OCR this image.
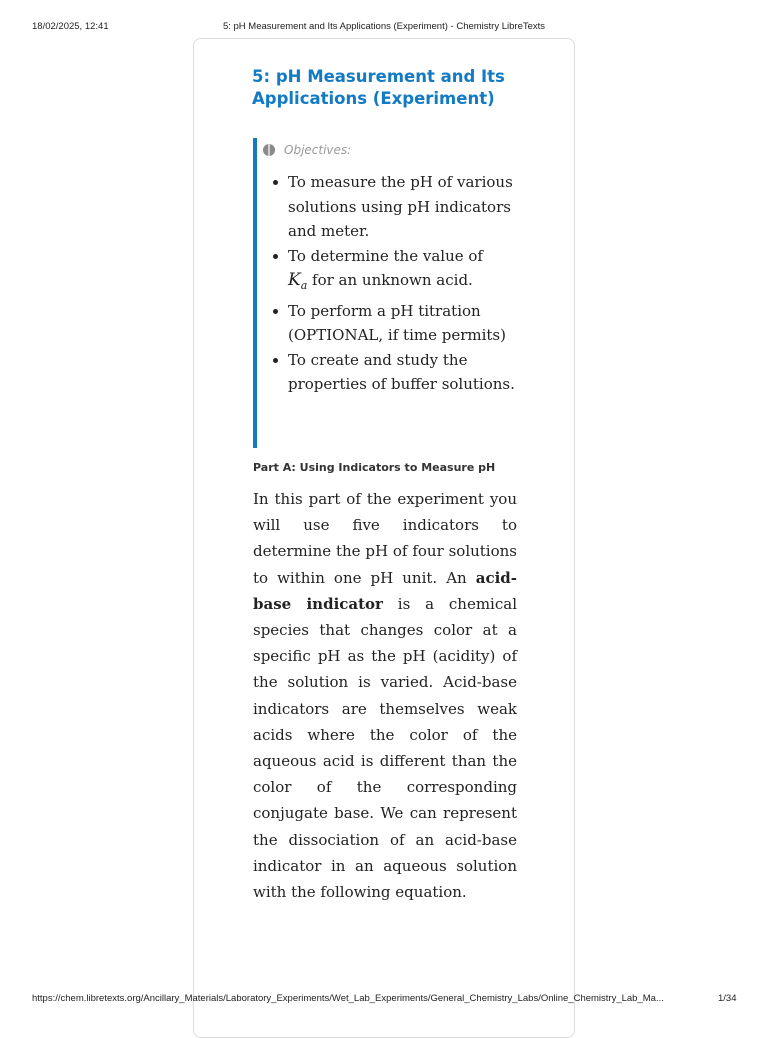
18/02/2025, 12:41	5: pH Measurement and Its Applications (Experiment) - Chemistry LibreTexts
5: pH Measurement and Its Applications (Experiment)
Objectives:
To measure the pH of various solutions using pH indicators and meter.
To determine the value of
$K_a$ for an unknown acid.
To perform a pH titration (OPTIONAL, if time permits)
To create and study the properties of buffer solutions.
Part A: Using Indicators to Measure pH

In this part of the experiment you will use five indicators to determine the pH of four solutions to within one pH unit. An acid-base indicator is a chemical species that changes color at a specific pH as the pH (acidity) of the solution is varied. Acid-base indicators are themselves weak acids where the color of the aqueous acid is different than the color of the corresponding conjugate base. We can represent the dissociation of an acid-base indicator in an aqueous solution with the following equation.

https://chem.libretexts.org/Ancillary_Materials/Laboratory_Experiments/Wet_Lab_Experiments/General_Chemistry_Labs/Online_Chemistry_Lab_Ma...	1/34
